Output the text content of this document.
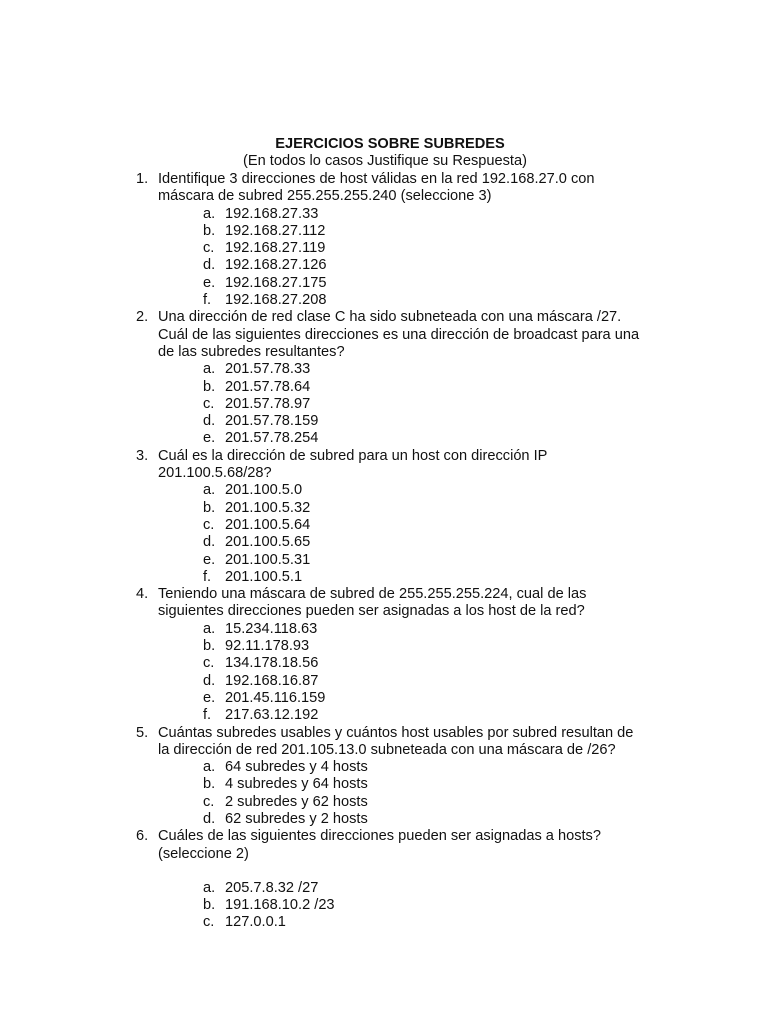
EJERCICIOS SOBRE SUBREDES
(En todos lo casos Justifique su Respuesta)
1. Identifique 3 direcciones de host válidas en la red 192.168.27.0 con
máscara de subred 255.255.255.240 (seleccione 3)
a. 192.168.27.33
b. 192.168.27.112
c. 192.168.27.119
d. 192.168.27.126
e. 192.168.27.175
f. 192.168.27.208
2. Una dirección de red clase C ha sido subneteada con una máscara /27.
Cuál de las siguientes direcciones es una dirección de broadcast para una
de las subredes resultantes?
a. 201.57.78.33
b. 201.57.78.64
c. 201.57.78.97
d. 201.57.78.159
e. 201.57.78.254
3. Cuál es la dirección de subred para un host con dirección IP
201.100.5.68/28?
a. 201.100.5.0
b. 201.100.5.32
c. 201.100.5.64
d. 201.100.5.65
e. 201.100.5.31
f. 201.100.5.1
4. Teniendo una máscara de subred de 255.255.255.224, cual de las
siguientes direcciones pueden ser asignadas a los host de la red?
a. 15.234.118.63
b. 92.11.178.93
c. 134.178.18.56
d. 192.168.16.87
e. 201.45.116.159
f. 217.63.12.192
5. Cuántas subredes usables y cuántos host usables por subred resultan de
la dirección de red 201.105.13.0 subneteada con una máscara de /26?
a. 64 subredes y 4 hosts
b. 4 subredes y 64 hosts
c. 2 subredes y 62 hosts
d. 62 subredes y 2 hosts
6. Cuáles de las siguientes direcciones pueden ser asignadas a hosts?
(seleccione 2)
a. 205.7.8.32 /27
b. 191.168.10.2 /23
c. 127.0.0.1
